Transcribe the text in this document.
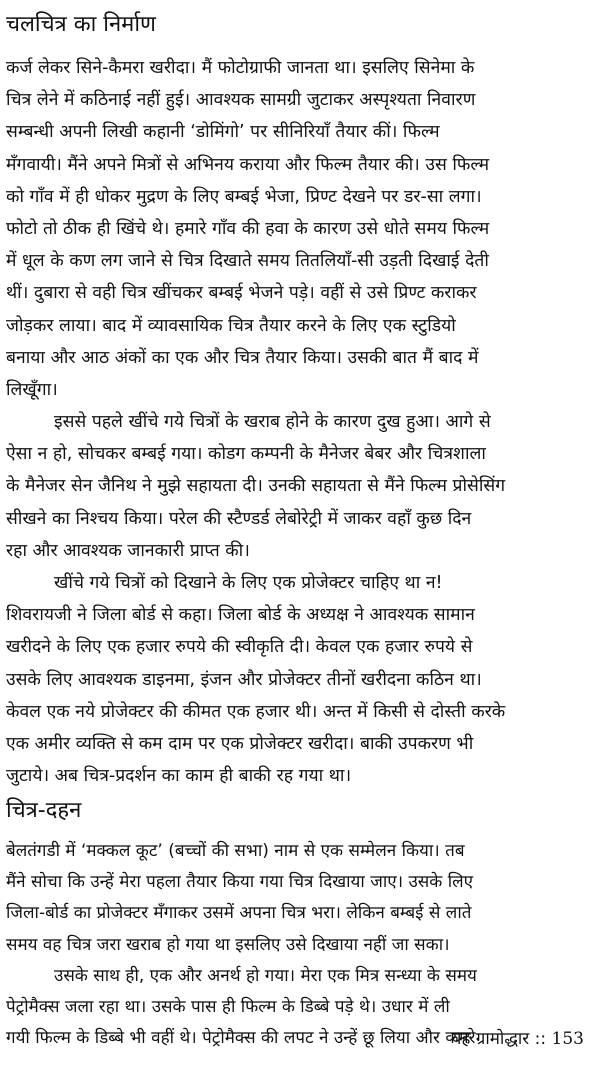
चलचित्र का निर्माण
कर्ज लेकर सिने-कैमरा खरीदा। मैं फोटोग्राफी जानता था। इसलिए सिनेमा के
चित्र लेने में कठिनाई नहीं हुई। आवश्यक सामग्री जुटाकर अस्पृश्यता निवारण
सम्बन्धी अपनी लिखी कहानी ‘डोमिंगो’ पर सीनिरियाँ तैयार कीं। फिल्म
मँगवायी। मैंने अपने मित्रों से अभिनय कराया और फिल्म तैयार की। उस फिल्म
को गाँव में ही धोकर मुद्रण के लिए बम्बई भेजा, प्रिण्ट देखने पर डर-सा लगा।
फोटो तो ठीक ही खिंचे थे। हमारे गाँव की हवा के कारण उसे धोते समय फिल्म
में धूल के कण लग जाने से चित्र दिखाते समय तितलियाँ-सी उड़ती दिखाई देती
थीं। दुबारा से वही चित्र खींचकर बम्बई भेजने पड़े। वहीं से उसे प्रिण्ट कराकर
जोड़कर लाया। बाद में व्यावसायिक चित्र तैयार करने के लिए एक स्टुडियो
बनाया और आठ अंकों का एक और चित्र तैयार किया। उसकी बात मैं बाद में
लिखूँगा।
इससे पहले खींचे गये चित्रों के खराब होने के कारण दुख हुआ। आगे से
ऐसा न हो, सोचकर बम्बई गया। कोडग कम्पनी के मैनेजर बेबर और चित्रशाला
के मैनेजर सेन जैनिथ ने मुझे सहायता दी। उनकी सहायता से मैंने फिल्म प्रोसेसिंग
सीखने का निश्चय किया। परेल की स्टैण्डर्ड लेबोरेट्री में जाकर वहाँ कुछ दिन
रहा और आवश्यक जानकारी प्राप्त की।
खींचे गये चित्रों को दिखाने के लिए एक प्रोजेक्टर चाहिए था न!
शिवरायजी ने जिला बोर्ड से कहा। जिला बोर्ड के अध्यक्ष ने आवश्यक सामान
खरीदने के लिए एक हजार रुपये की स्वीकृति दी। केवल एक हजार रुपये से
उसके लिए आवश्यक डाइनमा, इंजन और प्रोजेक्टर तीनों खरीदना कठिन था।
केवल एक नये प्रोजेक्टर की कीमत एक हजार थी। अन्त में किसी से दोस्ती करके
एक अमीर व्यक्ति से कम दाम पर एक प्रोजेक्टर खरीदा। बाकी उपकरण भी
जुटाये। अब चित्र-प्रदर्शन का काम ही बाकी रह गया था।
चित्र-दहन
बेलतंगडी में ‘मक्कल कूट’ (बच्चों की सभा) नाम से एक सम्मेलन किया। तब
मैंने सोचा कि उन्हें मेरा पहला तैयार किया गया चित्र दिखाया जाए। उसके लिए
जिला-बोर्ड का प्रोजेक्टर मँगाकर उसमें अपना चित्र भरा। लेकिन बम्बई से लाते
समय वह चित्र जरा खराब हो गया था इसलिए उसे दिखाया नहीं जा सका।
उसके साथ ही, एक और अनर्थ हो गया। मेरा एक मित्र सन्ध्या के समय
पेट्रोमैक्स जला रहा था। उसके पास ही फिल्म के डिब्बे पड़े थे। उधार में ली
गयी फिल्म के डिब्बे भी वहीं थे। पेट्रोमैक्स की लपट ने उन्हें छू लिया और कमरे
यह ग्रामोद्धार :: 153
